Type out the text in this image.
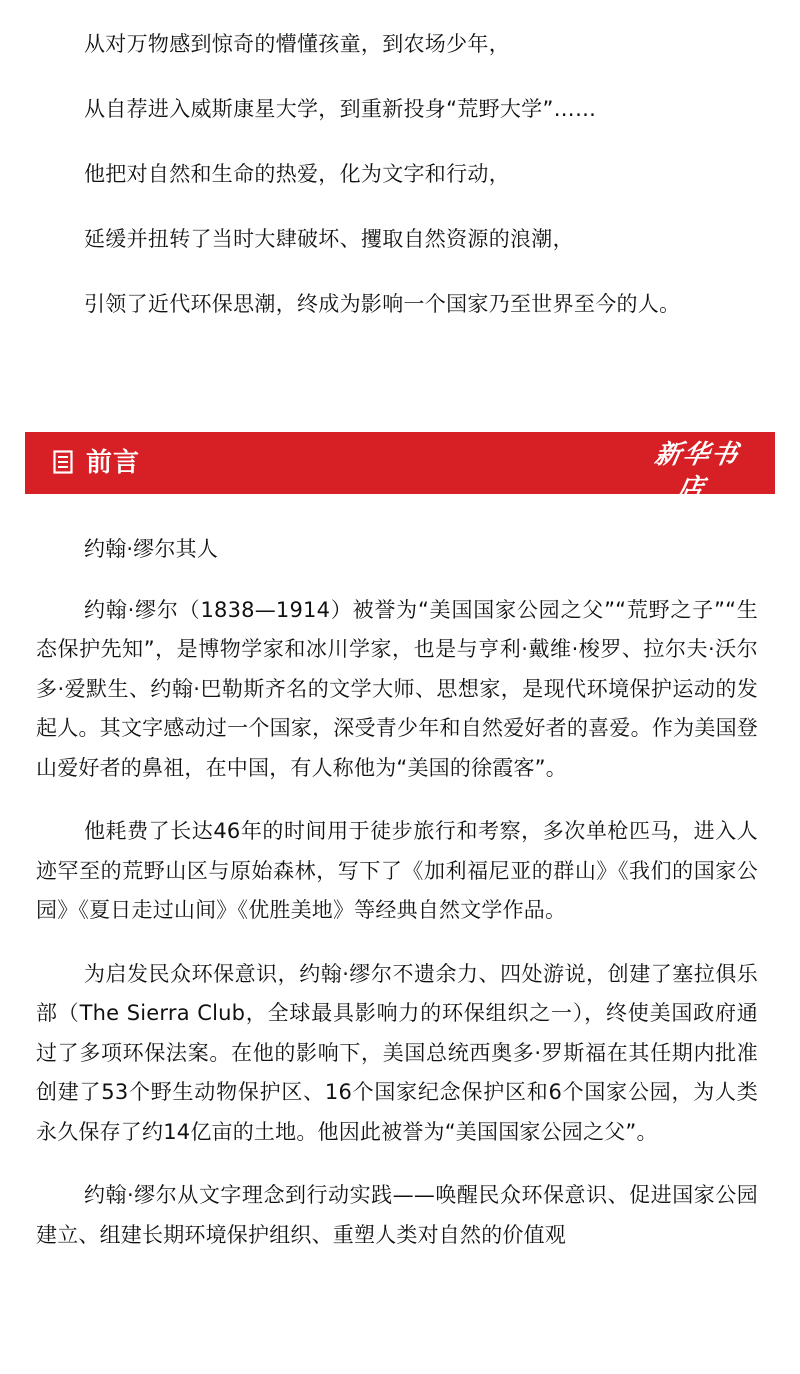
从对万物感到惊奇的懵懂孩童，到农场少年，
从自荐进入威斯康星大学，到重新投身“荒野大学”……
他把对自然和生命的热爱，化为文字和行动，
延缓并扭转了当时大肆破坏、攫取自然资源的浪潮，
引领了近代环保思潮，终成为影响一个国家乃至世界至今的人。
前言	新华书店
XINHUA BOOKSTORE

约翰·缪尔其人

约翰·缪尔（1838—1914）被誉为“美国国家公园之父”“荒野之子”“生态保护先知”，是博物学家和冰川学家，也是与亨利·戴维·梭罗、拉尔夫·沃尔多·爱默生、约翰·巴勒斯齐名的文学大师、思想家，是现代环境保护运动的发起人。其文字感动过一个国家，深受青少年和自然爱好者的喜爱。作为美国登山爱好者的鼻祖，在中国，有人称他为“美国的徐霞客”。

他耗费了长达46年的时间用于徒步旅行和考察，多次单枪匹马，进入人迹罕至的荒野山区与原始森林，写下了《加利福尼亚的群山》《我们的国家公园》《夏日走过山间》《优胜美地》等经典自然文学作品。

为启发民众环保意识，约翰·缪尔不遗余力、四处游说，创建了塞拉俱乐部（The Sierra Club，全球最具影响力的环保组织之一），终使美国政府通过了多项环保法案。在他的影响下，美国总统西奥多·罗斯福在其任期内批准创建了53个野生动物保护区、16个国家纪念保护区和6个国家公园，为人类永久保存了约14亿亩的土地。他因此被誉为“美国国家公园之父”。

约翰·缪尔从文字理念到行动实践——唤醒民众环保意识、促进国家公园建立、组建长期环境保护组织、重塑人类对自然的价值观
